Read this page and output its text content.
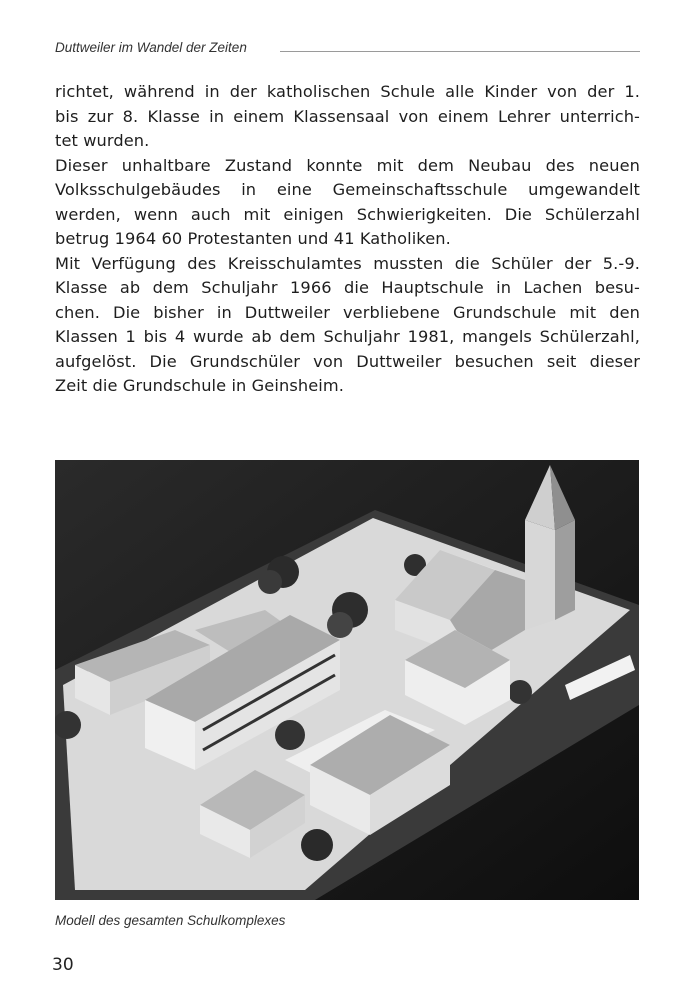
Duttweiler im Wandel der Zeiten
richtet, während in der katholischen Schule alle Kinder von der 1.
bis zur 8. Klasse in einem Klassensaal von einem Lehrer unterrich-
tet wurden.
Dieser unhaltbare Zustand konnte mit dem Neubau des neuen
Volksschulgebäudes in eine Gemeinschaftsschule umgewandelt
werden, wenn auch mit einigen Schwierigkeiten. Die Schülerzahl
betrug 1964 60 Protestanten und 41 Katholiken.
Mit Verfügung des Kreisschulamtes mussten die Schüler der 5.-9.
Klasse ab dem Schuljahr 1966 die Hauptschule in Lachen besu-
chen. Die bisher in Duttweiler verbliebene Grundschule mit den
Klassen 1 bis 4 wurde ab dem Schuljahr 1981, mangels Schülerzahl,
aufgelöst. Die Grundschüler von Duttweiler besuchen seit dieser
Zeit die Grundschule in Geinsheim.
Modell des gesamten Schulkomplexes
30
